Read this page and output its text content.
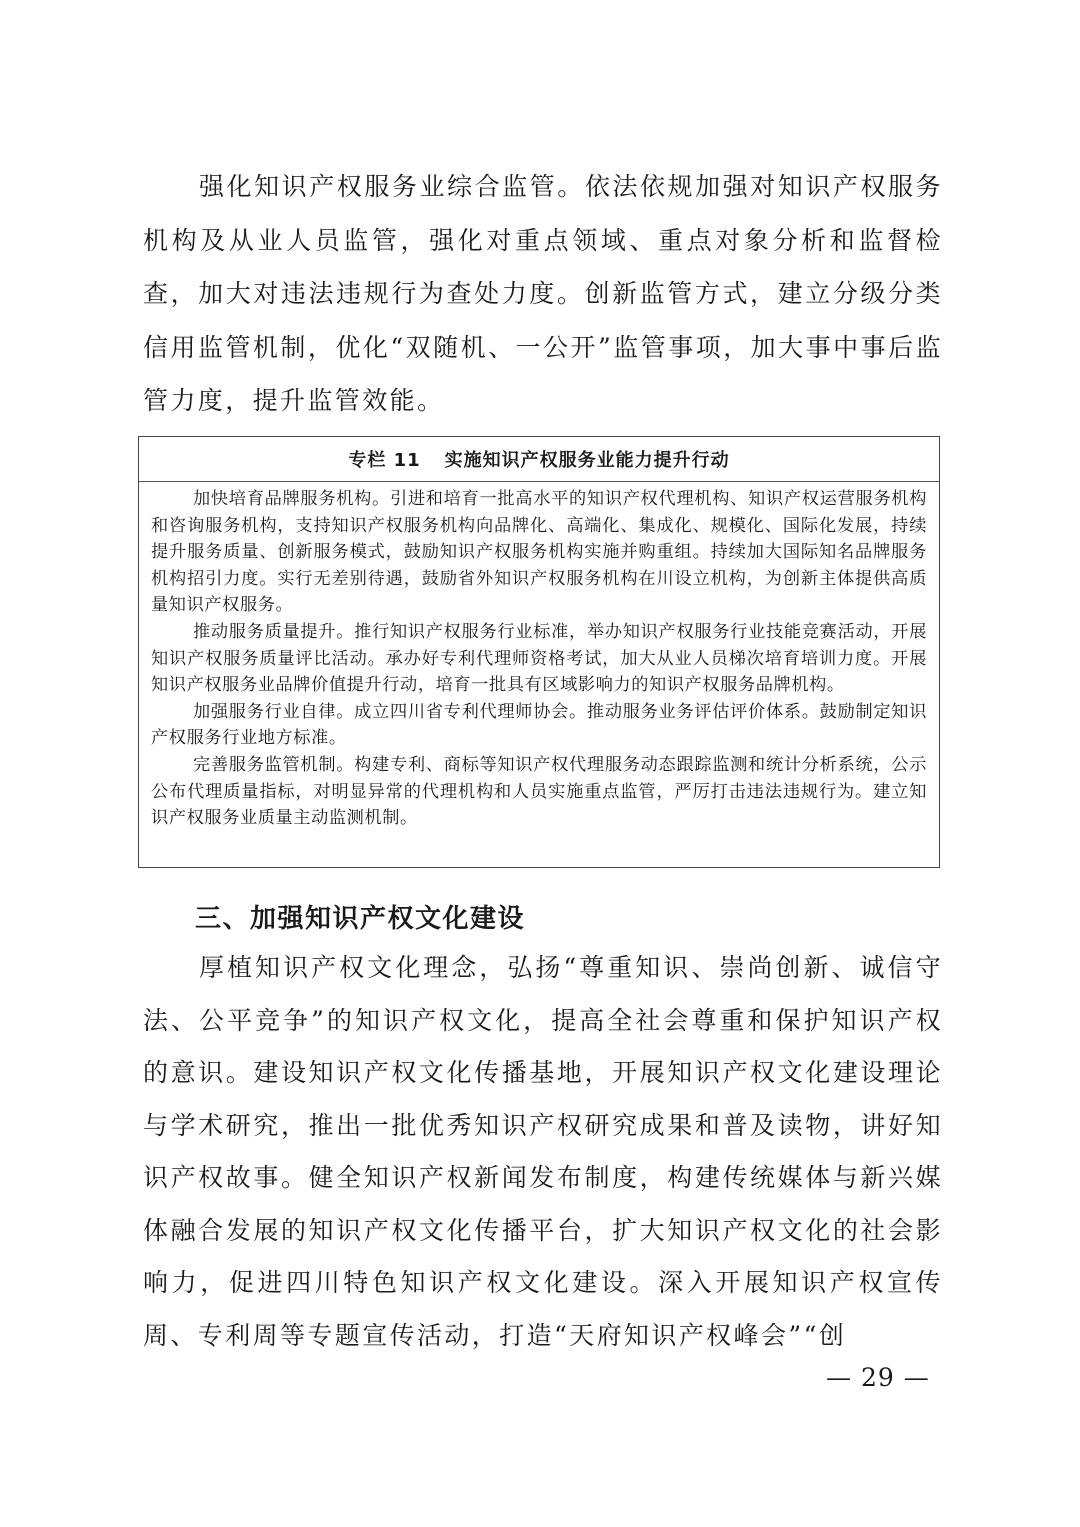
强化知识产权服务业综合监管。依法依规加强对知识产权服务机构及从业人员监管，强化对重点领域、重点对象分析和监督检查，加大对违法违规行为查处力度。创新监管方式，建立分级分类信用监管机制，优化“双随机、一公开”监管事项，加大事中事后监管力度，提升监管效能。

专栏 11 实施知识产权服务业能力提升行动

加快培育品牌服务机构。引进和培育一批高水平的知识产权代理机构、知识产权运营服务机构和咨询服务机构，支持知识产权服务机构向品牌化、高端化、集成化、规模化、国际化发展，持续提升服务质量、创新服务模式，鼓励知识产权服务机构实施并购重组。持续加大国际知名品牌服务机构招引力度。实行无差别待遇，鼓励省外知识产权服务机构在川设立机构，为创新主体提供高质量知识产权服务。

推动服务质量提升。推行知识产权服务行业标准，举办知识产权服务行业技能竞赛活动，开展知识产权服务质量评比活动。承办好专利代理师资格考试，加大从业人员梯次培育培训力度。开展知识产权服务业品牌价值提升行动，培育一批具有区域影响力的知识产权服务品牌机构。

加强服务行业自律。成立四川省专利代理师协会。推动服务业务评估评价体系。鼓励制定知识产权服务行业地方标准。

完善服务监管机制。构建专利、商标等知识产权代理服务动态跟踪监测和统计分析系统，公示公布代理质量指标，对明显异常的代理机构和人员实施重点监管，严厉打击违法违规行为。建立知识产权服务业质量主动监测机制。

三、加强知识产权文化建设

厚植知识产权文化理念，弘扬“尊重知识、崇尚创新、诚信守法、公平竞争”的知识产权文化，提高全社会尊重和保护知识产权的意识。建设知识产权文化传播基地，开展知识产权文化建设理论与学术研究，推出一批优秀知识产权研究成果和普及读物，讲好知识产权故事。健全知识产权新闻发布制度，构建传统媒体与新兴媒体融合发展的知识产权文化传播平台，扩大知识产权文化的社会影响力，促进四川特色知识产权文化建设。深入开展知识产权宣传周、专利周等专题宣传活动，打造“天府知识产权峰会”“创

— 29 —
